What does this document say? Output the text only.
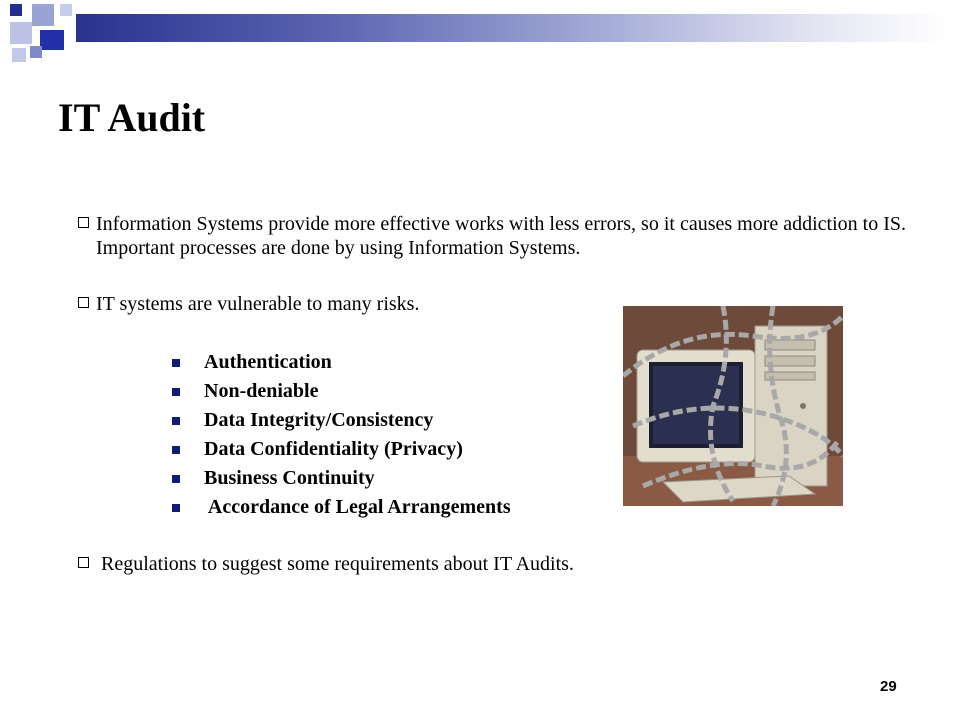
IT Audit

Information Systems provide more effective works with less errors, so it causes more addiction to IS. Important processes are done by using Information Systems.

IT systems are vulnerable to many risks.

Authentication
Non-deniable
Data Integrity/Consistency
Data Confidentiality (Privacy)
Business Continuity
Accordance of Legal Arrangements

Regulations to suggest some requirements about IT Audits.

29
